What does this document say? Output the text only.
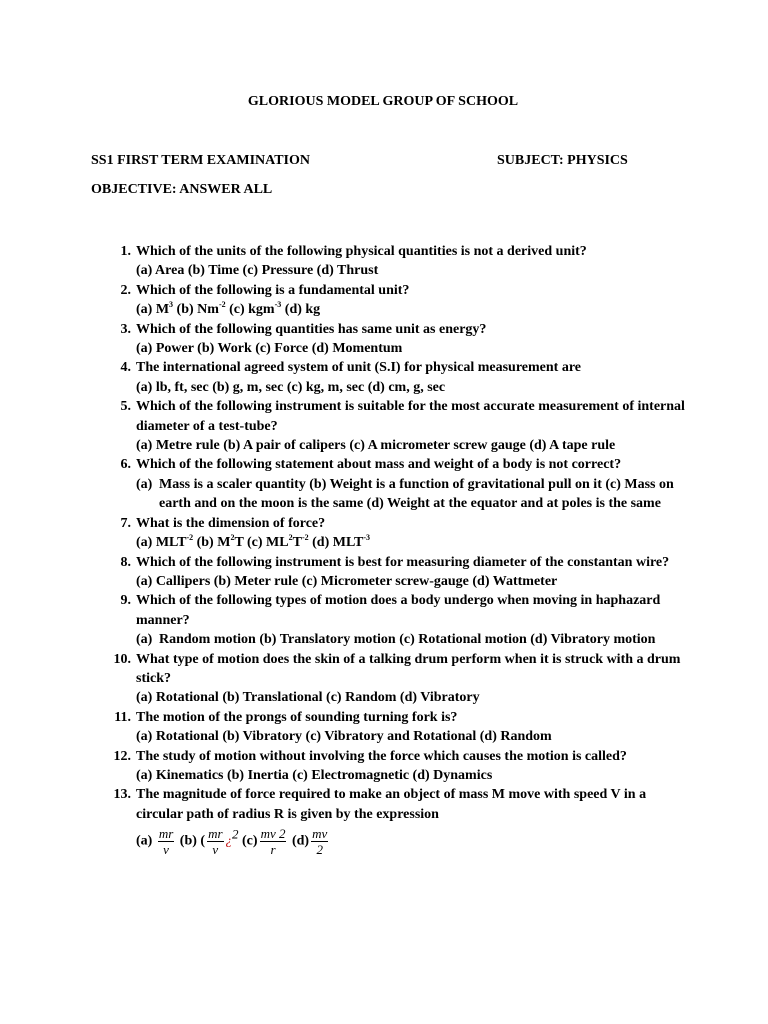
GLORIOUS MODEL GROUP OF SCHOOL
SS1 FIRST TERM EXAMINATION	SUBJECT: PHYSICS
OBJECTIVE: ANSWER ALL
1. Which of the units of the following physical quantities is not a derived unit?
(a) Area (b) Time (c) Pressure (d) Thrust
2. Which of the following is a fundamental unit?
(a) $M^3$ (b) $Nm^{-2}$ (c) kgm$^{-3}$ (d) kg
3. Which of the following quantities has same unit as energy?
(a) Power (b) Work (c) Force (d) Momentum
4. The international agreed system of unit (S.I) for physical measurement are
(a) lb, ft, sec (b) g, m, sec (c) kg, m, sec (d) cm, g, sec
5. Which of the following instrument is suitable for the most accurate measurement of internal diameter of a test-tube?
(a) Metre rule (b) A pair of calipers (c) A micrometer screw gauge (d) A tape rule
6. Which of the following statement about mass and weight of a body is not correct?
(a) Mass is a scaler quantity (b) Weight is a function of gravitational pull on it (c) Mass on earth and on the moon is the same (d) Weight at the equator and at poles is the same
7. What is the dimension of force?
(a) $MLT^{-2}$ (b) $M^2T$ (c) $ML^2T^{-2}$ (d) $MLT^{-3}$
8. Which of the following instrument is best for measuring diameter of the constantan wire?
(a) Callipers (b) Meter rule (c) Micrometer screw-gauge (d) Wattmeter
9. Which of the following types of motion does a body undergo when moving in haphazard manner?
(a) Random motion (b) Translatory motion (c) Rotational motion (d) Vibratory motion
10. What type of motion does the skin of a talking drum perform when it is struck with a drum stick?
(a) Rotational (b) Translational (c) Random (d) Vibratory
11. The motion of the prongs of sounding turning fork is?
(a) Rotational (b) Vibratory (c) Vibratory and Rotational (d) Random
12. The study of motion without involving the force which causes the motion is called?
(a) Kinematics (b) Inertia (c) Electromagnetic (d) Dynamics
13. The magnitude of force required to make an object of mass M move with speed V in a circular path of radius R is given by the expression
$(a) \frac{mr}{v} (b)$ ( $\frac{mr}{v}$ ¿$^2$ $(c) \frac{mv 2}{r} (d) \frac{mv}{2}$
